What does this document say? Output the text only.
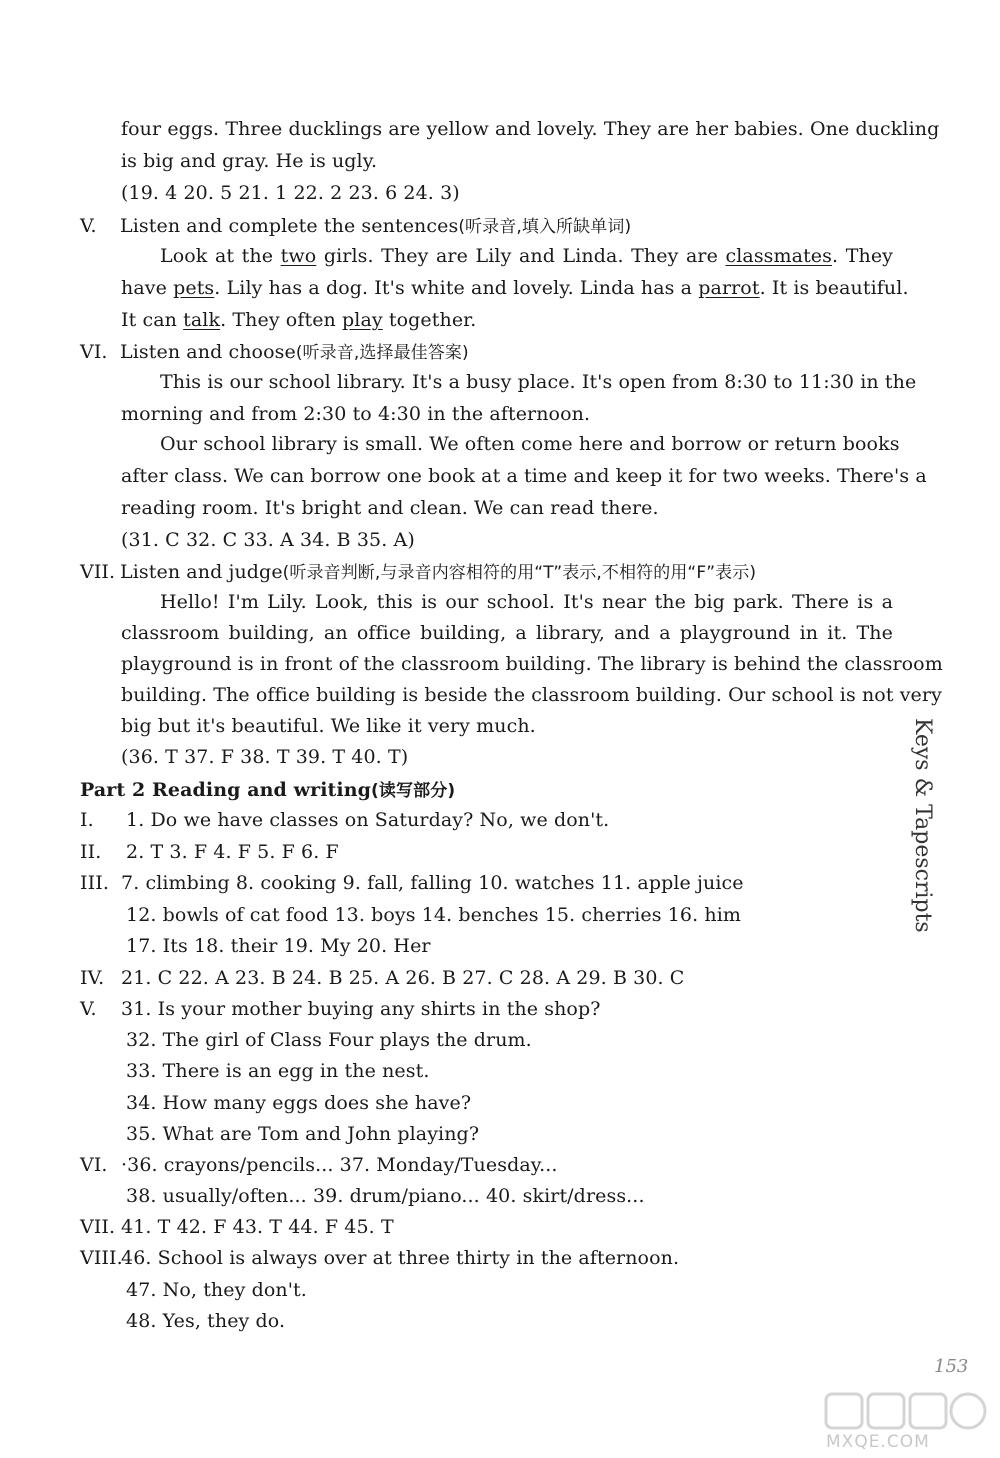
four eggs. Three ducklings are yellow and lovely. They are her babies. One duckling
is big and gray. He is ugly.
(19. 4 20. 5 21. 1 22. 2 23. 6 24. 3)
V. Listen and complete the sentences(听录音,填入所缺单词)
Look at the two girls. They are Lily and Linda. They are classmates. They
have pets. Lily has a dog. It's white and lovely. Linda has a parrot. It is beautiful.
It can talk. They often play together.
VI. Listen and choose(听录音,选择最佳答案)
This is our school library. It's a busy place. It's open from 8:30 to 11:30 in the
morning and from 2:30 to 4:30 in the afternoon.
Our school library is small. We often come here and borrow or return books
after class. We can borrow one book at a time and keep it for two weeks. There's a
reading room. It's bright and clean. We can read there.
(31. C 32. C 33. A 34. B 35. A)
VII. Listen and judge(听录音判断,与录音内容相符的用“T”表示,不相符的用“F”表示)
Hello! I'm Lily. Look, this is our school. It's near the big park. There is a
classroom building, an office building, a library, and a playground in it. The
playground is in front of the classroom building. The library is behind the classroom
building. The office building is beside the classroom building. Our school is not very
big but it's beautiful. We like it very much.
(36. T 37. F 38. T 39. T 40. T)
Part 2 Reading and writing(读写部分)
I. 1. Do we have classes on Saturday? No, we don't.
II. 2. T 3. F 4. F 5. F 6. F
III. 7. climbing 8. cooking 9. fall, falling 10. watches 11. apple juice
12. bowls of cat food 13. boys 14. benches 15. cherries 16. him
17. Its 18. their 19. My 20. Her
IV. 21. C 22. A 23. B 24. B 25. A 26. B 27. C 28. A 29. B 30. C
V. 31. Is your mother buying any shirts in the shop?
32. The girl of Class Four plays the drum.
33. There is an egg in the nest.
34. How many eggs does she have?
35. What are Tom and John playing?
VI. ·36. crayons/pencils... 37. Monday/Tuesday...
38. usually/often... 39. drum/piano... 40. skirt/dress...
VII. 41. T 42. F 43. T 44. F 45. T
VIII.
46. School is always over at three thirty in the afternoon.
47. No, they don't.
48. Yes, they do.
Keys & Tapescripts
153
MXQE.COM
